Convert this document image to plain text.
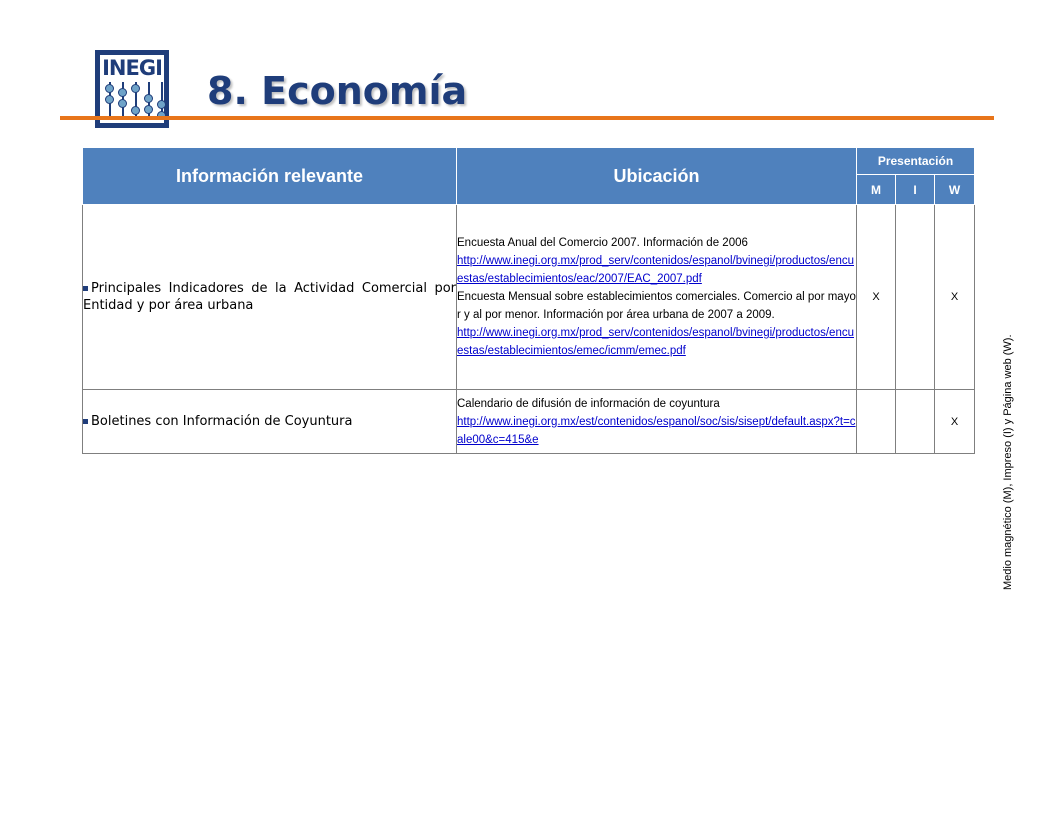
INEGI
8. Economía
Información relevante	Ubicación	Presentación		
		M	I	W
Principales Indicadores de la Actividad Comercial por Entidad y por área urbana	Encuesta Anual del Comercio 2007. Información de 2006
http://www.inegi.org.mx/prod_serv/contenidos/espanol/bvinegi/productos/encuestas/establecimientos/eac/2007/EAC_2007.pdf
Encuesta Mensual sobre establecimientos comerciales. Comercio al por mayor y al por menor. Información por área urbana de 2007 a 2009.
http://www.inegi.org.mx/prod_serv/contenidos/espanol/bvinegi/productos/encuestas/establecimientos/emec/icmm/emec.pdf	X		X
Boletines con Información de Coyuntura	Calendario de difusión de información de coyuntura
http://www.inegi.org.mx/est/contenidos/espanol/soc/sis/sisept/default.aspx?t=cale00&c=415&e			X	Medio magnético (M), Impreso (I) y Página web (W).
